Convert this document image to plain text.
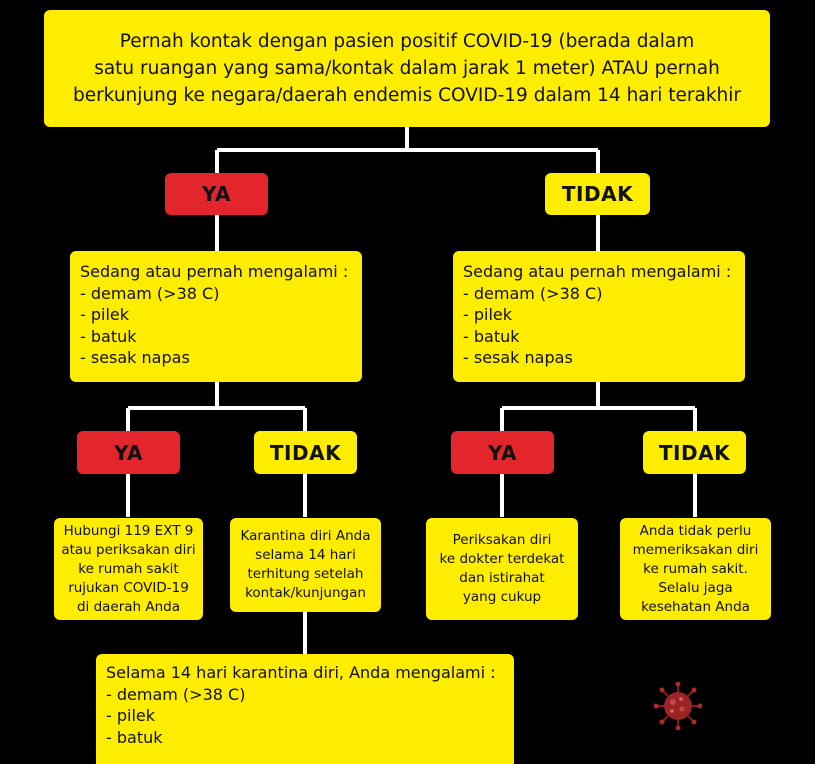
Pernah kontak dengan pasien positif COVID-19 (berada dalam
satu ruangan yang sama/kontak dalam jarak 1 meter) ATAU pernah
berkunjung ke negara/daerah endemis COVID-19 dalam 14 hari terakhir
YA	TIDAK
Sedang atau pernah mengalami :
- demam (>38 C)
- pilek
- batuk
- sesak napas
Sedang atau pernah mengalami :
- demam (>38 C)
- pilek
- batuk
- sesak napas
YA	TIDAK	YA	TIDAK
Hubungi 119 EXT 9
atau periksakan diri
ke rumah sakit
rujukan COVID-19
di daerah Anda
Karantina diri Anda
selama 14 hari
terhitung setelah
kontak/kunjungan
Periksakan diri
ke dokter terdekat
dan istirahat
yang cukup
Anda tidak perlu
memeriksakan diri
ke rumah sakit.
Selalu jaga
kesehatan Anda
Selama 14 hari karantina diri, Anda mengalami :
- demam (>38 C)
- pilek
- batuk
